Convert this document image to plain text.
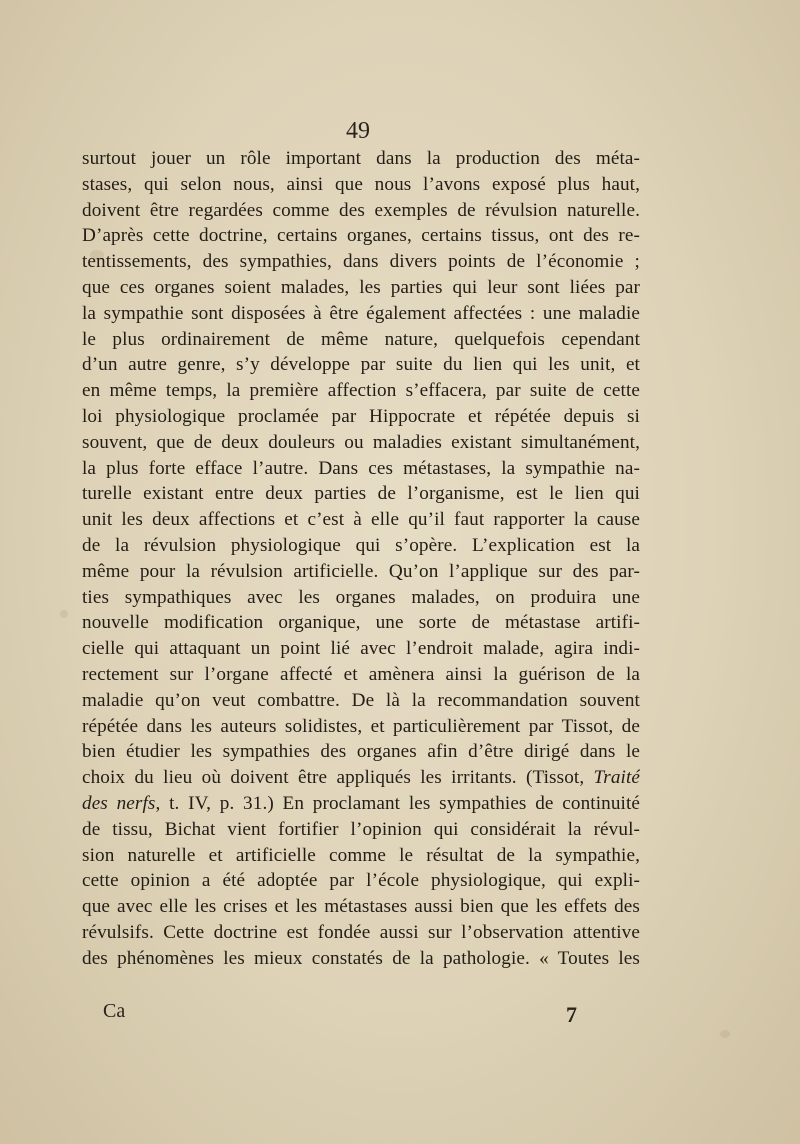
49
surtout jouer un rôle important dans la production des méta-
stases, qui selon nous, ainsi que nous l’avons exposé plus haut,
doivent être regardées comme des exemples de révulsion naturelle.
D’après cette doctrine, certains organes, certains tissus, ont des re-
tentissements, des sympathies, dans divers points de l’économie ;
que ces organes soient malades, les parties qui leur sont liées par
la sympathie sont disposées à être également affectées : une maladie
le plus ordinairement de même nature, quelquefois cependant
d’un autre genre, s’y développe par suite du lien qui les unit, et
en même temps, la première affection s’effacera, par suite de cette
loi physiologique proclamée par Hippocrate et répétée depuis si
souvent, que de deux douleurs ou maladies existant simultanément,
la plus forte efface l’autre. Dans ces métastases, la sympathie na-
turelle existant entre deux parties de l’organisme, est le lien qui
unit les deux affections et c’est à elle qu’il faut rapporter la cause
de la révulsion physiologique qui s’opère. L’explication est la
même pour la révulsion artificielle. Qu’on l’applique sur des par-
ties sympathiques avec les organes malades, on produira une
nouvelle modification organique, une sorte de métastase artifi-
cielle qui attaquant un point lié avec l’endroit malade, agira indi-
rectement sur l’organe affecté et amènera ainsi la guérison de la
maladie qu’on veut combattre. De là la recommandation souvent
répétée dans les auteurs solidistes, et particulièrement par Tissot, de
bien étudier les sympathies des organes afin d’être dirigé dans le
choix du lieu où doivent être appliqués les irritants. (Tissot, Traité
des nerfs, t. IV, p. 31.) En proclamant les sympathies de continuité
de tissu, Bichat vient fortifier l’opinion qui considérait la révul-
sion naturelle et artificielle comme le résultat de la sympathie,
cette opinion a été adoptée par l’école physiologique, qui expli-
que avec elle les crises et les métastases aussi bien que les effets des
révulsifs. Cette doctrine est fondée aussi sur l’observation attentive
des phénomènes les mieux constatés de la pathologie. « Toutes les
Ca	7
